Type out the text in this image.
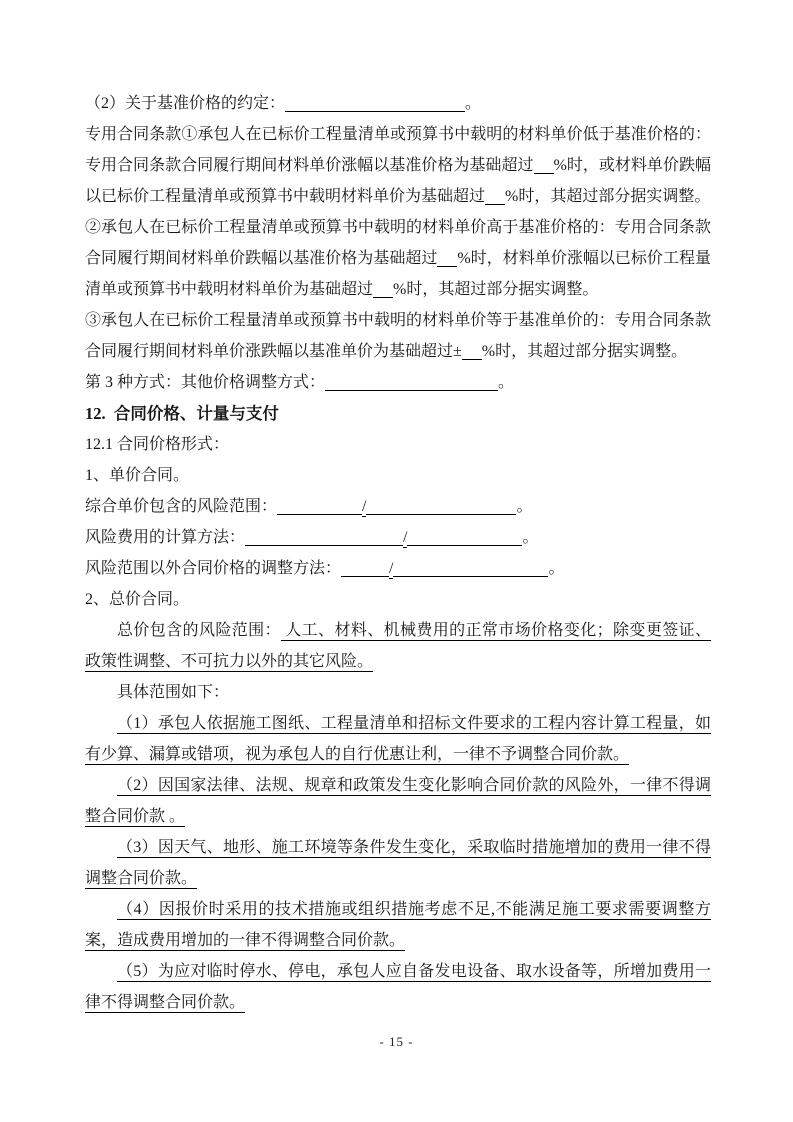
（2）关于基准价格的约定：	。

专用合同条款①承包人在已标价工程量清单或预算书中载明的材料单价低于基准价格的：专用合同条款合同履行期间材料单价涨幅以基准价格为基础超过 %时，或材料单价跌幅以已标价工程量清单或预算书中载明材料单价为基础超过 %时，其超过部分据实调整。

②承包人在已标价工程量清单或预算书中载明的材料单价高于基准价格的：专用合同条款合同履行期间材料单价跌幅以基准价格为基础超过 %时，材料单价涨幅以已标价工程量清单或预算书中载明材料单价为基础超过 %时，其超过部分据实调整。

③承包人在已标价工程量清单或预算书中载明的材料单价等于基准单价的：专用合同条款合同履行期间材料单价涨跌幅以基准单价为基础超过± %时，其超过部分据实调整。

第 3 种方式：其他价格调整方式：	。

12.  合同价格、计量与支付

12.1 合同价格形式：

1、单价合同。

综合单价包含的风险范围：	/	。

风险费用的计算方法：	/	。

风险范围以外合同价格的调整方法：	/	。

2、总价合同。

总价包含的风险范围： 人工、材料、机械费用的正常市场价格变化；除变更签证、政策性调整、不可抗力以外的其它风险。

具体范围如下：

（1）承包人依据施工图纸、工程量清单和招标文件要求的工程内容计算工程量，如有少算、漏算或错项，视为承包人的自行优惠让利，一律不予调整合同价款。

（2）因国家法律、法规、规章和政策发生变化影响合同价款的风险外，一律不得调整合同价款 。

（3）因天气、地形、施工环境等条件发生变化，采取临时措施增加的费用一律不得调整合同价款。

（4）因报价时采用的技术措施或组织措施考虑不足,不能满足施工要求需要调整方案，造成费用增加的一律不得调整合同价款。

（5）为应对临时停水、停电，承包人应自备发电设备、取水设备等，所增加费用一律不得调整合同价款。

- 15 -
